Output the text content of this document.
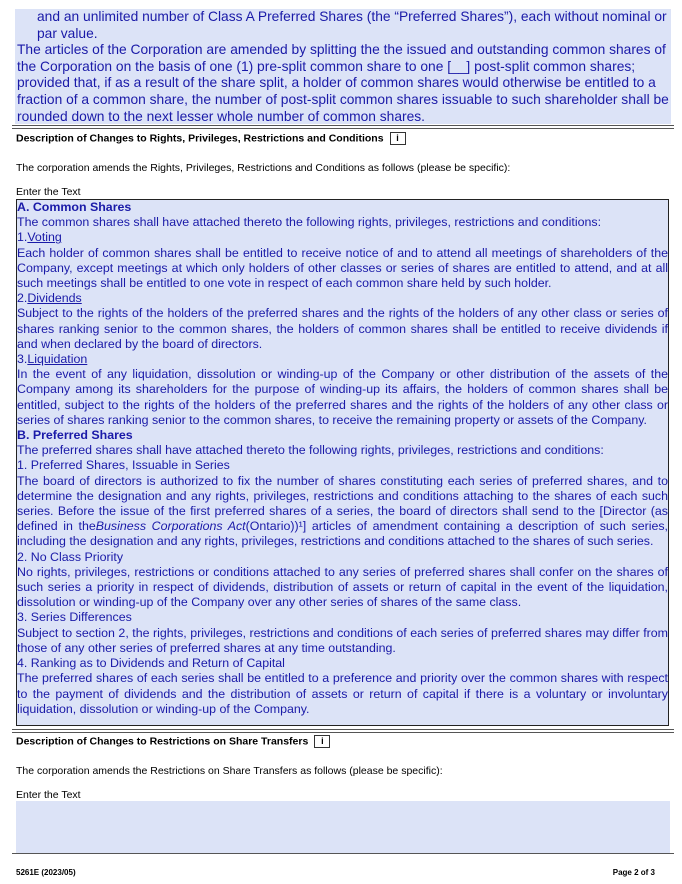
and an unlimited number of Class A Preferred Shares (the “Preferred Shares”), each without nominal or par value.
The articles of the Corporation are amended by splitting the the issued and outstanding common shares of the Corporation on the basis of one (1) pre-split common share to one [__] post-split common shares; provided that, if as a result of the share split, a holder of common shares would otherwise be entitled to a fraction of a common share, the number of post-split common shares issuable to such shareholder shall be rounded down to the next lesser whole number of common shares.
Description of Changes to Rights, Privileges, Restrictions and Conditions i
The corporation amends the Rights, Privileges, Restrictions and Conditions as follows (please be specific):
Enter the Text

A. Common Shares

The common shares shall have attached thereto the following rights, privileges, restrictions and conditions:

1.Voting

Each holder of common shares shall be entitled to receive notice of and to attend all meetings of shareholders of the Company, except meetings at which only holders of other classes or series of shares are entitled to attend, and at all such meetings shall be entitled to one vote in respect of each common share held by such holder.

2.Dividends

Subject to the rights of the holders of the preferred shares and the rights of the holders of any other class or series of shares ranking senior to the common shares, the holders of common shares shall be entitled to receive dividends if and when declared by the board of directors.

3.Liquidation

In the event of any liquidation, dissolution or winding-up of the Company or other distribution of the assets of the Company among its shareholders for the purpose of winding-up its affairs, the holders of common shares shall be entitled, subject to the rights of the holders of the preferred shares and the rights of the holders of any other class or series of shares ranking senior to the common shares, to receive the remaining property or assets of the Company.

B. Preferred Shares

The preferred shares shall have attached thereto the following rights, privileges, restrictions and conditions:

1. Preferred Shares, Issuable in Series

The board of directors is authorized to fix the number of shares constituting each series of preferred shares, and to determine the designation and any rights, privileges, restrictions and conditions attaching to the shares of each such series. Before the issue of the first preferred shares of a series, the board of directors shall send to the [Director (as defined in theBusiness Corporations Act(Ontario))¹] articles of amendment containing a description of such series, including the designation and any rights, privileges, restrictions and conditions attached to the shares of such series.

2. No Class Priority

No rights, privileges, restrictions or conditions attached to any series of preferred shares shall confer on the shares of such series a priority in respect of dividends, distribution of assets or return of capital in the event of the liquidation, dissolution or winding-up of the Company over any other series of shares of the same class.

3. Series Differences

Subject to section 2, the rights, privileges, restrictions and conditions of each series of preferred shares may differ from those of any other series of preferred shares at any time outstanding.

4. Ranking as to Dividends and Return of Capital

The preferred shares of each series shall be entitled to a preference and priority over the common shares with respect to the payment of dividends and the distribution of assets or return of capital if there is a voluntary or involuntary liquidation, dissolution or winding-up of the Company.

Description of Changes to Restrictions on Share Transfers i
The corporation amends the Restrictions on Share Transfers as follows (please be specific):
Enter the Text
5261E (2023/05)	Page 2 of 3
